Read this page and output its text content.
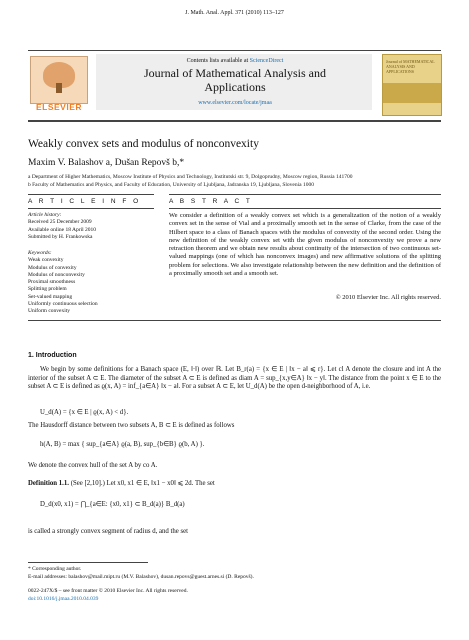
J. Math. Anal. Appl. 371 (2010) 113–127
ELSEVIER
Contents lists available at ScienceDirect
Journal of Mathematical Analysis and
Applications
www.elsevier.com/locate/jmaa
Journal of MATHEMATICAL ANALYSIS AND APPLICATIONS
Weakly convex sets and modulus of nonconvexity
Maxim V. Balashov a, Dušan Repovš b,*
a Department of Higher Mathematics, Moscow Institute of Physics and Technology, Institutski str. 9, Dolgoprudny, Moscow region, Russia 141700
b Faculty of Mathematics and Physics, and Faculty of Education, University of Ljubljana, Jadranska 19, Ljubljana, Slovenia 1000
A R T I C L E I N F O	A B S T R A C T
Article history:
Received 25 December 2009
Available online 18 April 2010
Submitted by H. Frankowska
Keywords:
Weak convexity
Modulus of convexity
Modulus of nonconvexity
Proximal smoothness
Splitting problem
Set-valued mapping
Uniformly continuous selection
Uniform convexity
We consider a definition of a weakly convex set which is a generalization of the notion of a weakly convex set in the sense of Vial and a proximally smooth set in the sense of Clarke, from the case of the Hilbert space to a class of Banach spaces with the modulus of convexity of the second order. Using the new definition of the weakly convex set with the given modulus of nonconvexity we prove a new retraction theorem and we obtain new results about continuity of the intersection of two continuous set-valued mappings (one of which has nonconvex images) and new affirmative solutions of the splitting problem for selections. We also investigate relationship between the new definition and the definition of a proximally smooth set and a smooth set.
© 2010 Elsevier Inc. All rights reserved.
1. Introduction
We begin by some definitions for a Banach space (E, ‖·‖) over ℝ. Let B_r(a) = {x ∈ E | ‖x − a‖ ⩽ r}. Let cl A denote the closure and int A the interior of the subset A ⊂ E. The diameter of the subset A ⊂ E is defined as diam A = sup_{x,y∈A} ‖x − y‖. The distance from the point x ∈ E to the subset A ⊂ E is defined as ϱ(x, A) = inf_{a∈A} ‖x − a‖. For a subset A ⊂ E, let U_d(A) be the open d-neighborhood of A, i.e.
U_d(A) = {x ∈ E | ϱ(x, A) < d}.
The Hausdorff distance between two subsets A, B ⊂ E is defined as follows
h(A, B) = max { sup_{a∈A} ϱ(a, B), sup_{b∈B} ϱ(b, A) }.
We denote the convex hull of the set A by co A.
Definition 1.1. (See [2,10].) Let x0, x1 ∈ E, ‖x1 − x0‖ ⩽ 2d. The set
D_d(x0, x1) = ⋂_{a∈E: {x0, x1} ⊂ B_d(a)} B_d(a)
is called a strongly convex segment of radius d, and the set
* Corresponding author.
E-mail addresses: balashov@mail.mipt.ru (M.V. Balashov), dusan.repovs@guest.arnes.si (D. Repovš).
0022-247X/$ – see front matter © 2010 Elsevier Inc. All rights reserved.
doi:10.1016/j.jmaa.2010.04.039
